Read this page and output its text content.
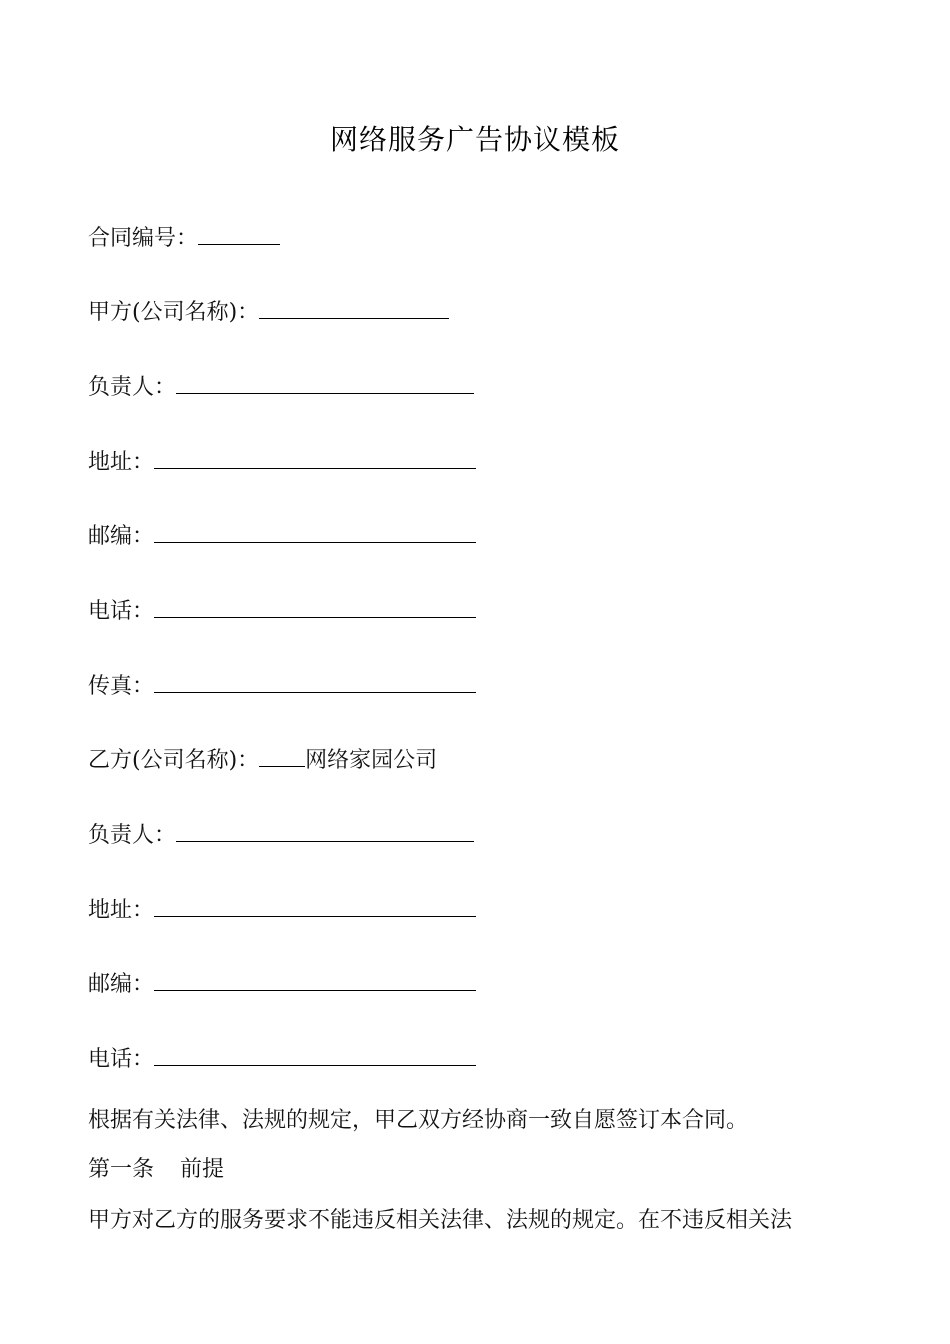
网络服务广告协议模板
合同编号：
甲方(公司名称)：
负责人：
地址：
邮编：
电话：
传真：
乙方(公司名称)： 网络家园公司
负责人：
地址：
邮编：
电话：
根据有关法律、法规的规定，甲乙双方经协商一致自愿签订本合同。
第一条 前提
甲方对乙方的服务要求不能违反相关法律、法规的规定。在不违反相关法
